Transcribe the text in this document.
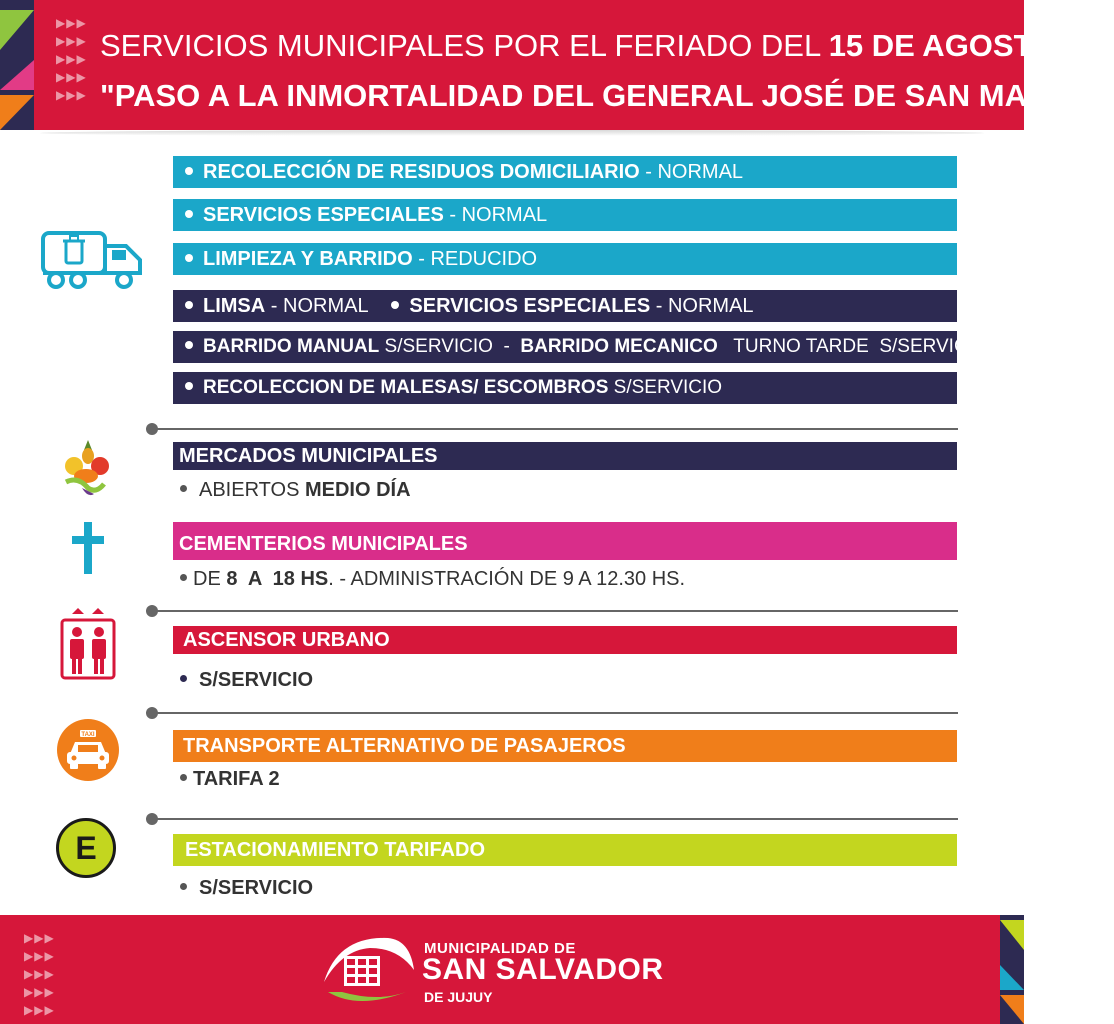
▶▶▶
▶▶▶
▶▶▶
▶▶▶
▶▶▶
SERVICIOS MUNICIPALES POR EL FERIADO DEL 15 DE AGOSTO
"PASO A LA INMORTALIDAD DEL GENERAL JOSÉ DE SAN MARTÍN"
RECOLECCIÓN DE RESIDUOS DOMICILIARIO - NORMAL
SERVICIOS ESPECIALES - NORMAL
LIMPIEZA Y BARRIDO - REDUCIDO
LIMSA - NORMAL SERVICIOS ESPECIALES - NORMAL
BARRIDO MANUAL S/SERVICIO  -  BARRIDO MECANICO   TURNO TARDE  S/SERVICIO
RECOLECCION DE MALESAS/ ESCOMBROS S/SERVICIO
MERCADOS MUNICIPALES
ABIERTOS MEDIO DÍA
CEMENTERIOS MUNICIPALES
DE 8  A  18 HS. - ADMINISTRACIÓN DE 9 A 12.30 HS.
ASCENSOR URBANO
S/SERVICIO
TAXI	TRANSPORTE ALTERNATIVO DE PASAJEROS
TARIFA 2
E	ESTACIONAMIENTO TARIFADO
S/SERVICIO
▶▶▶
▶▶▶
▶▶▶
▶▶▶
▶▶▶
MUNICIPALIDAD DE
SAN SALVADOR
DE JUJUY
